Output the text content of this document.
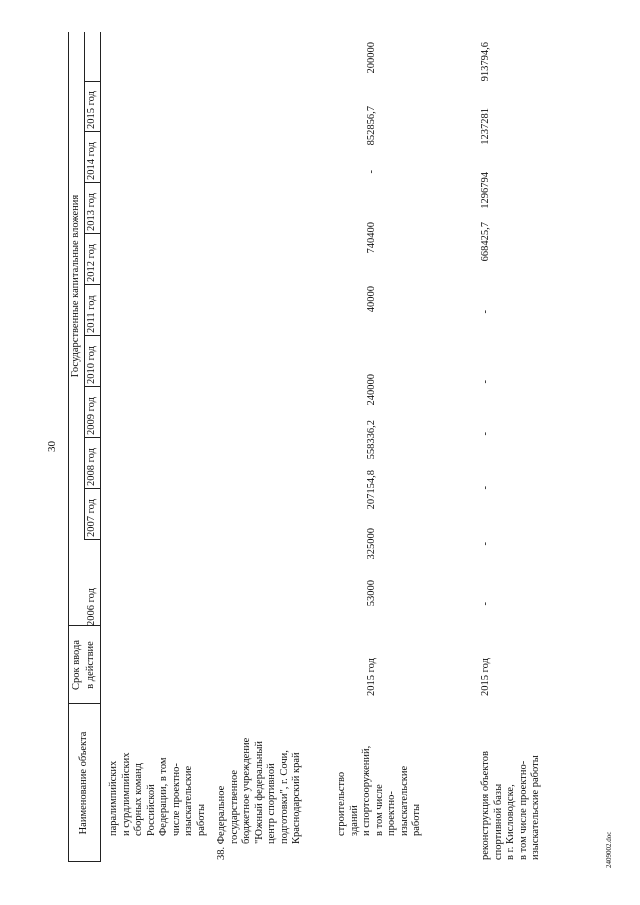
30
2409002.doc
Наименование объекта
Срок ввода в действие
Государственные капитальные вложения
2006 год
2007 год
2008 год
2009 год
2010 год
2011 год
2012 год
2013 год
2014 год
2015 год
паралимпийских и сурдлимпийских сборных команд Российской Федерации, в том числе проектно- изыскательские работы 38. Федеральное государственное бюджетное учреждение "Южный федеральный центр спортивной подготовки", г. Сочи, Краснодарский край	строительство зданий и спортсооружений, в том числе проектно- изыскательские работы
2015 год
53000
325000
207154,8
558336,2
240000
40000
740400
-
852856,7
200000
реконструкция объектов спортивной базы в г. Кисловодске, в том числе проектно- изыскательские работы
2015 год
-
-
-
-
-
-
668425,7
1296794
1237281
913794,6
